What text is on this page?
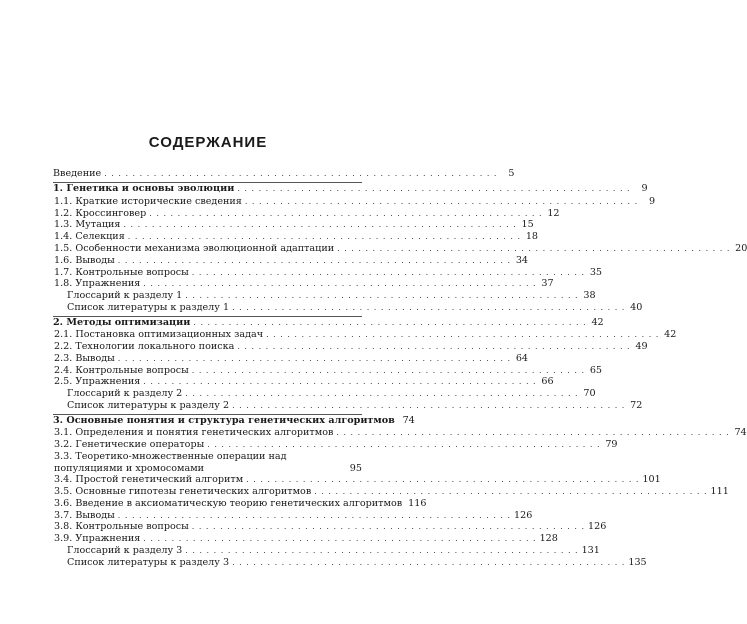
СОДЕРЖАНИЕ
Введение . . . . . . . . . . . . . . . . . . . . . . . . . . . . . . . . . . . . . . . . . . . . . . . . . . . . . . . .	5
1. Генетика и основы эволюции . . . . . . . . . . . . . . . . . . . . . . . . . . . . . . . . . . . . . . . . . . . . . . . . . . . . . . . .	9
1.1. Краткие исторические сведения . . . . . . . . . . . . . . . . . . . . . . . . . . . . . . . . . . . . . . . . . . . . . . . . . . . . . . . .	9
1.2. Кроссинговер . . . . . . . . . . . . . . . . . . . . . . . . . . . . . . . . . . . . . . . . . . . . . . . . . . . . . . . . 12
1.3. Мутация . . . . . . . . . . . . . . . . . . . . . . . . . . . . . . . . . . . . . . . . . . . . . . . . . . . . . . . . 15
1.4. Селекция . . . . . . . . . . . . . . . . . . . . . . . . . . . . . . . . . . . . . . . . . . . . . . . . . . . . . . . . 18
1.5. Особенности механизма эволюционной адаптации . . . . . . . . . . . . . . . . . . . . . . . . . . . . . . . . . . . . . . . . . . . . . . . . . . . . . . . . 20
1.6. Выводы . . . . . . . . . . . . . . . . . . . . . . . . . . . . . . . . . . . . . . . . . . . . . . . . . . . . . . . . 34
1.7. Контрольные вопросы . . . . . . . . . . . . . . . . . . . . . . . . . . . . . . . . . . . . . . . . . . . . . . . . . . . . . . . . 35
1.8. Упражнения . . . . . . . . . . . . . . . . . . . . . . . . . . . . . . . . . . . . . . . . . . . . . . . . . . . . . . . . 37
Глоссарий к разделу 1 . . . . . . . . . . . . . . . . . . . . . . . . . . . . . . . . . . . . . . . . . . . . . . . . . . . . . . . . 38
Список литературы к разделу 1 . . . . . . . . . . . . . . . . . . . . . . . . . . . . . . . . . . . . . . . . . . . . . . . . . . . . . . . . 40
2. Методы оптимизации . . . . . . . . . . . . . . . . . . . . . . . . . . . . . . . . . . . . . . . . . . . . . . . . . . . . . . . . 42
2.1. Постановка оптимизационных задач . . . . . . . . . . . . . . . . . . . . . . . . . . . . . . . . . . . . . . . . . . . . . . . . . . . . . . . . 42
2.2. Технологии локального поиска . . . . . . . . . . . . . . . . . . . . . . . . . . . . . . . . . . . . . . . . . . . . . . . . . . . . . . . . 49
2.3. Выводы . . . . . . . . . . . . . . . . . . . . . . . . . . . . . . . . . . . . . . . . . . . . . . . . . . . . . . . . 64
2.4. Контрольные вопросы . . . . . . . . . . . . . . . . . . . . . . . . . . . . . . . . . . . . . . . . . . . . . . . . . . . . . . . . 65
2.5. Упражнения . . . . . . . . . . . . . . . . . . . . . . . . . . . . . . . . . . . . . . . . . . . . . . . . . . . . . . . . 66
Глоссарий к разделу 2 . . . . . . . . . . . . . . . . . . . . . . . . . . . . . . . . . . . . . . . . . . . . . . . . . . . . . . . . 70
Список литературы к разделу 2 . . . . . . . . . . . . . . . . . . . . . . . . . . . . . . . . . . . . . . . . . . . . . . . . . . . . . . . . 72
3. Основные понятия и структура генетических алгоритмов 74
3.1. Определения и понятия генетических алгоритмов . . . . . . . . . . . . . . . . . . . . . . . . . . . . . . . . . . . . . . . . . . . . . . . . . . . . . . . . 74
3.2. Генетические операторы . . . . . . . . . . . . . . . . . . . . . . . . . . . . . . . . . . . . . . . . . . . . . . . . . . . . . . . . 79
3.3. Теоретико-множественные операции над популяциями и хромосомами	95
3.4. Простой генетический алгоритм . . . . . . . . . . . . . . . . . . . . . . . . . . . . . . . . . . . . . . . . . . . . . . . . . . . . . . . . 101
3.5. Основные гипотезы генетических алгоритмов . . . . . . . . . . . . . . . . . . . . . . . . . . . . . . . . . . . . . . . . . . . . . . . . . . . . . . . . 111
3.6. Введение в аксиоматическую теорию генетических алгоритмов 116
3.7. Выводы . . . . . . . . . . . . . . . . . . . . . . . . . . . . . . . . . . . . . . . . . . . . . . . . . . . . . . . . 126
3.8. Контрольные вопросы . . . . . . . . . . . . . . . . . . . . . . . . . . . . . . . . . . . . . . . . . . . . . . . . . . . . . . . . 126
3.9. Упражнения . . . . . . . . . . . . . . . . . . . . . . . . . . . . . . . . . . . . . . . . . . . . . . . . . . . . . . . . 128
Глоссарий к разделу 3 . . . . . . . . . . . . . . . . . . . . . . . . . . . . . . . . . . . . . . . . . . . . . . . . . . . . . . . . 131
Список литературы к разделу 3 . . . . . . . . . . . . . . . . . . . . . . . . . . . . . . . . . . . . . . . . . . . . . . . . . . . . . . . . 135
